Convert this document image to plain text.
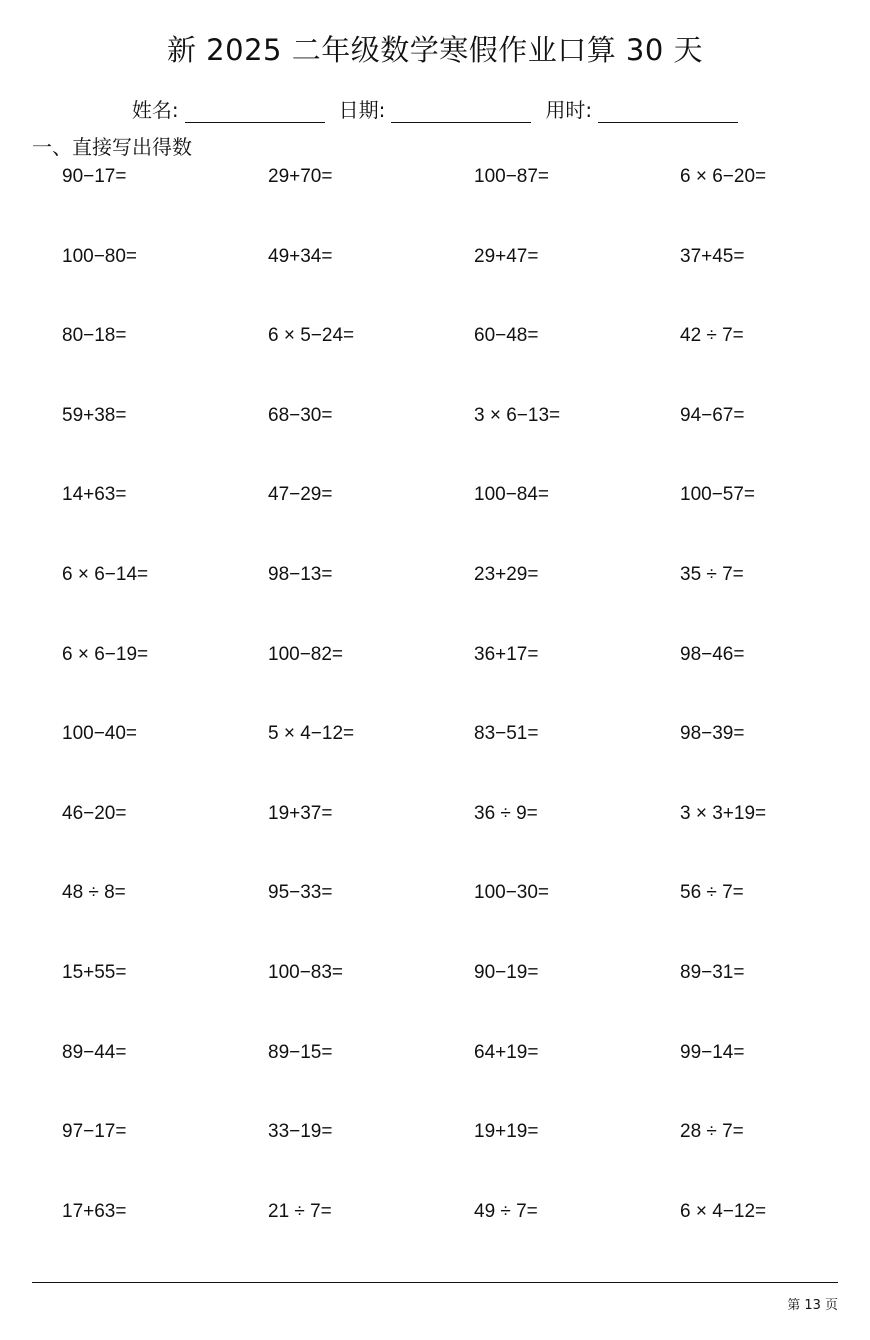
新 2025 二年级数学寒假作业口算 30 天
姓名:	日期:	用时:
一、直接写出得数
90−17=	29+70=	100−87=	6 × 6−20=
100−80=	49+34=	29+47=	37+45=
80−18=	6 × 5−24=	60−48=	42 ÷ 7=
59+38=	68−30=	3 × 6−13=	94−67=
14+63=	47−29=	100−84=	100−57=
6 × 6−14=	98−13=	23+29=	35 ÷ 7=
6 × 6−19=	100−82=	36+17=	98−46=
100−40=	5 × 4−12=	83−51=	98−39=
46−20=	19+37=	36 ÷ 9=	3 × 3+19=
48 ÷ 8=	95−33=	100−30=	56 ÷ 7=
15+55=	100−83=	90−19=	89−31=
89−44=	89−15=	64+19=	99−14=
97−17=	33−19=	19+19=	28 ÷ 7=
17+63=	21 ÷ 7=	49 ÷ 7=	6 × 4−12=
第 13 页
